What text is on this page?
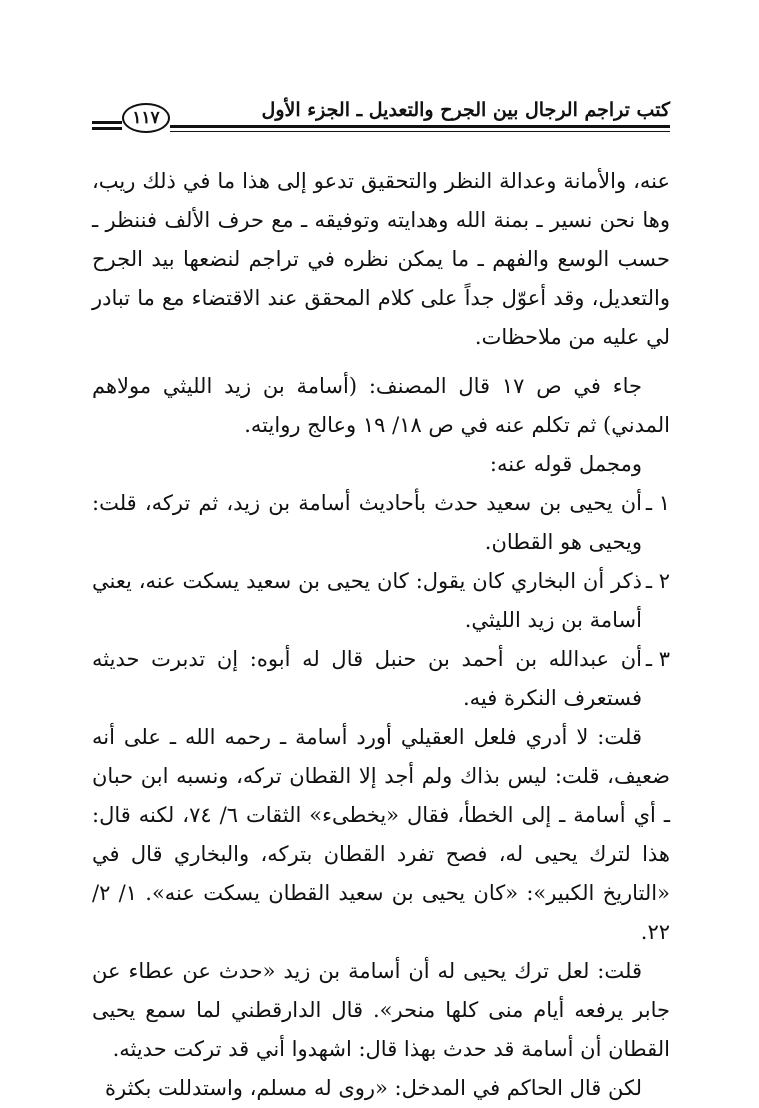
كتب تراجم الرجال بين الجرح والتعديل ـ الجزء الأول
١١٧

عنه، والأمانة وعدالة النظر والتحقيق تدعو إلى هذا ما في ذلك ريب، وها نحن نسير ـ بمنة الله وهدايته وتوفيقه ـ مع حرف الألف فننظر ـ حسب الوسع والفهم ـ ما يمكن نظره في تراجم لنضعها بيد الجرح والتعديل، وقد أعوّل جداً على كلام المحقق عند الاقتضاء مع ما تبادر لي عليه من ملاحظات.

جاء في ص ١٧ قال المصنف: (أسامة بن زيد الليثي مولاهم المدني) ثم تكلم عنه في ص ١٨/ ١٩ وعالج روايته.

ومجمل قوله عنه:

١ ـ
أن يحيى بن سعيد حدث بأحاديث أسامة بن زيد، ثم تركه، قلت: ويحيى هو القطان.
٢ ـ
ذكر أن البخاري كان يقول: كان يحيى بن سعيد يسكت عنه، يعني أسامة بن زيد الليثي.
٣ ـ
أن عبدالله بن أحمد بن حنبل قال له أبوه: إن تدبرت حديثه فستعرف النكرة فيه.

قلت: لا أدري فلعل العقيلي أورد أسامة ـ رحمه الله ـ على أنه ضعيف، قلت: ليس بذاك ولم أجد إلا القطان تركه، ونسبه ابن حبان ـ أي أسامة ـ إلى الخطأ، فقال «يخطىء» الثقات ٦/ ٧٤، لكنه قال: هذا لترك يحيى له، فصح تفرد القطان بتركه، والبخاري قال في «التاريخ الكبير»: «كان يحيى بن سعيد القطان يسكت عنه». ١/ ٢/ ٢٢.

قلت: لعل ترك يحيى له أن أسامة بن زيد «حدث عن عطاء عن جابر يرفعه أيام منى كلها منحر». قال الدارقطني لما سمع يحيى القطان أن أسامة قد حدث بهذا قال: اشهدوا أني قد تركت حديثه.

لكن قال الحاكم في المدخل: «روى له مسلم، واستدللت بكثرة
